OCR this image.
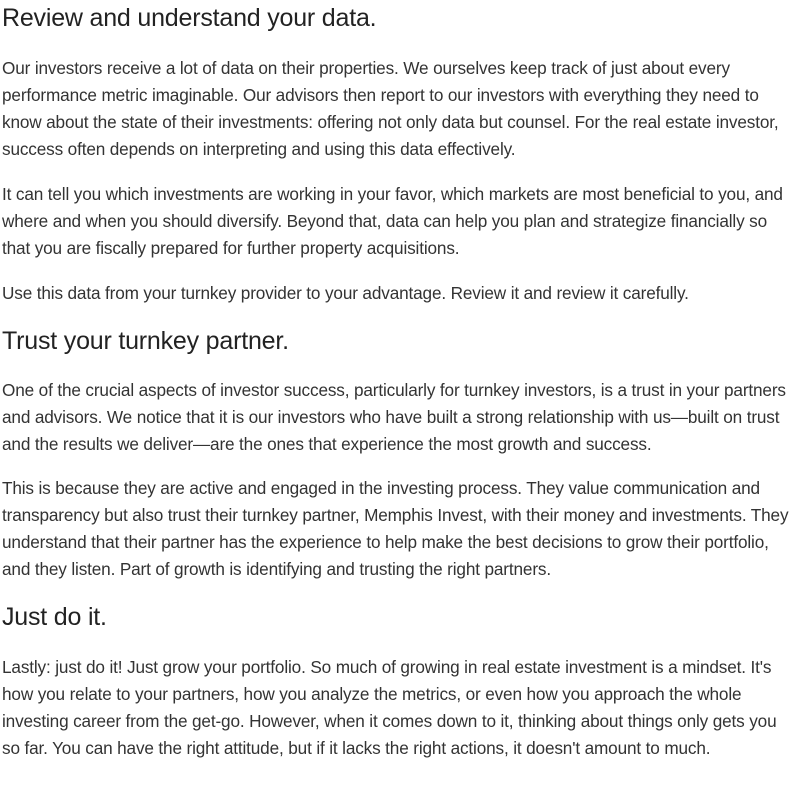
Review and understand your data.

Our investors receive a lot of data on their properties. We ourselves keep track of just about every performance metric imaginable. Our advisors then report to our investors with everything they need to know about the state of their investments: offering not only data but counsel. For the real estate investor, success often depends on interpreting and using this data effectively.

It can tell you which investments are working in your favor, which markets are most beneficial to you, and where and when you should diversify. Beyond that, data can help you plan and strategize financially so that you are fiscally prepared for further property acquisitions.

Use this data from your turnkey provider to your advantage. Review it and review it carefully.

Trust your turnkey partner.

One of the crucial aspects of investor success, particularly for turnkey investors, is a trust in your partners and advisors. We notice that it is our investors who have built a strong relationship with us—built on trust and the results we deliver—are the ones that experience the most growth and success.

This is because they are active and engaged in the investing process. They value communication and transparency but also trust their turnkey partner, Memphis Invest, with their money and investments. They understand that their partner has the experience to help make the best decisions to grow their portfolio, and they listen. Part of growth is identifying and trusting the right partners.

Just do it.

Lastly: just do it! Just grow your portfolio. So much of growing in real estate investment is a mindset. It's how you relate to your partners, how you analyze the metrics, or even how you approach the whole investing career from the get-go. However, when it comes down to it, thinking about things only gets you so far. You can have the right attitude, but if it lacks the right actions, it doesn't amount to much.
